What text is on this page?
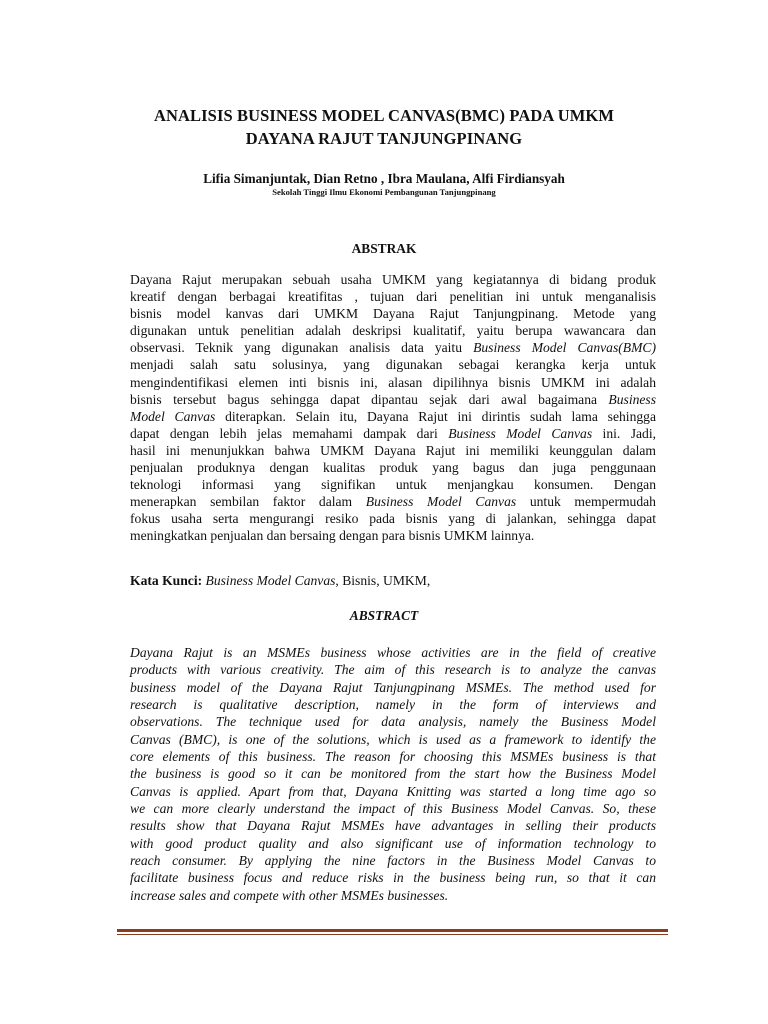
ANALISIS BUSINESS MODEL CANVAS(BMC) PADA UMKM
DAYANA RAJUT TANJUNGPINANG
Lifia Simanjuntak, Dian Retno , Ibra Maulana, Alfi Firdiansyah
Sekolah Tinggi Ilmu Ekonomi Pembangunan Tanjungpinang
ABSTRAK
Dayana Rajut merupakan sebuah usaha UMKM yang kegiatannya di bidang produk
kreatif dengan berbagai kreatifitas , tujuan dari penelitian ini untuk menganalisis
bisnis model kanvas dari UMKM Dayana Rajut Tanjungpinang. Metode yang
digunakan untuk penelitian adalah deskripsi kualitatif, yaitu berupa wawancara dan
observasi. Teknik yang digunakan analisis data yaitu Business Model Canvas(BMC)
menjadi salah satu solusinya, yang digunakan sebagai kerangka kerja untuk
mengindentifikasi elemen inti bisnis ini, alasan dipilihnya bisnis UMKM ini adalah
bisnis tersebut bagus sehingga dapat dipantau sejak dari awal bagaimana Business
Model Canvas diterapkan. Selain itu, Dayana Rajut ini dirintis sudah lama sehingga
dapat dengan lebih jelas memahami dampak dari Business Model Canvas ini. Jadi,
hasil ini menunjukkan bahwa UMKM Dayana Rajut ini memiliki keunggulan dalam
penjualan produknya dengan kualitas produk yang bagus dan juga penggunaan
teknologi informasi yang signifikan untuk menjangkau konsumen. Dengan
menerapkan sembilan faktor dalam Business Model Canvas untuk mempermudah
fokus usaha serta mengurangi resiko pada bisnis yang di jalankan, sehingga dapat
meningkatkan penjualan dan bersaing dengan para bisnis UMKM lainnya.
Kata Kunci: Business Model Canvas, Bisnis, UMKM,
ABSTRACT
Dayana Rajut is an MSMEs business whose activities are in the field of creative
products with various creativity. The aim of this research is to analyze the canvas
business model of the Dayana Rajut Tanjungpinang MSMEs. The method used for
research is qualitative description, namely in the form of interviews and
observations. The technique used for data analysis, namely the Business Model
Canvas (BMC), is one of the solutions, which is used as a framework to identify the
core elements of this business. The reason for choosing this MSMEs business is that
the business is good so it can be monitored from the start how the Business Model
Canvas is applied. Apart from that, Dayana Knitting was started a long time ago so
we can more clearly understand the impact of this Business Model Canvas. So, these
results show that Dayana Rajut MSMEs have advantages in selling their products
with good product quality and also significant use of information technology to
reach consumer. By applying the nine factors in the Business Model Canvas to
facilitate business focus and reduce risks in the business being run, so that it can
increase sales and compete with other MSMEs businesses.
